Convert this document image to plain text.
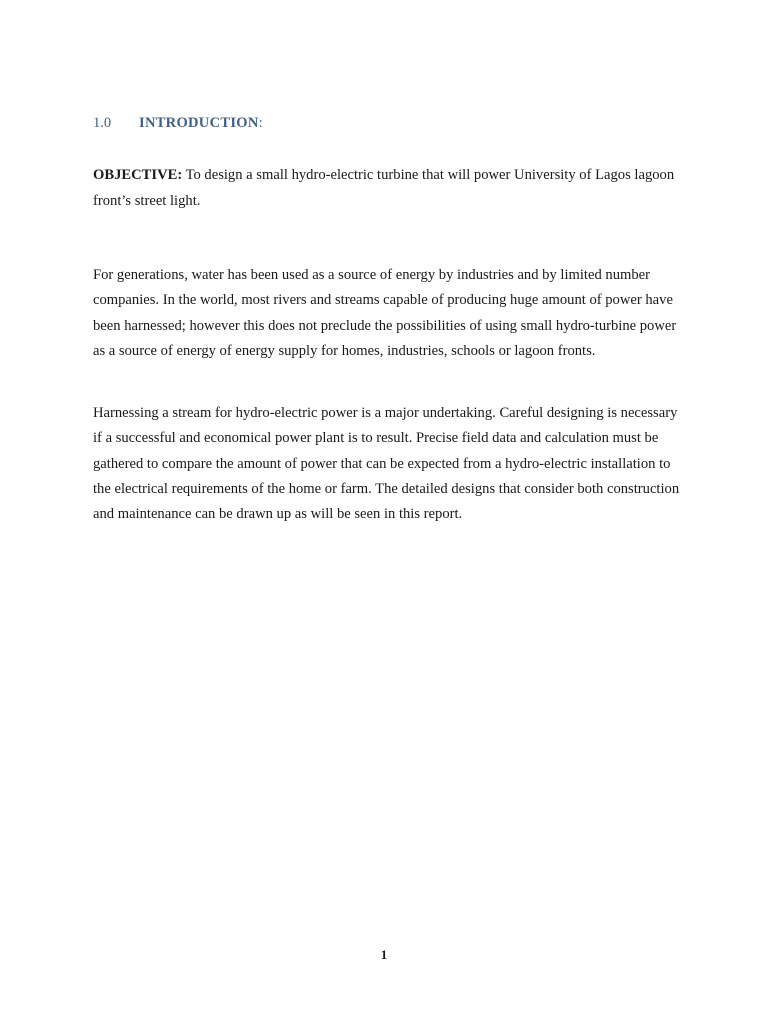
1.0 INTRODUCTION:
OBJECTIVE: To design a small hydro-electric turbine that will power University of Lagos lagoon front’s street light.

For generations, water has been used as a source of energy by industries and by limited number companies. In the world, most rivers and streams capable of producing huge amount of power have been harnessed; however this does not preclude the possibilities of using small hydro-turbine power as a source of energy of energy supply for homes, industries, schools or lagoon fronts.

Harnessing a stream for hydro-electric power is a major undertaking. Careful designing is necessary if a successful and economical power plant is to result. Precise field data and calculation must be gathered to compare the amount of power that can be expected from a hydro-electric installation to the electrical requirements of the home or farm. The detailed designs that consider both construction and maintenance can be drawn up as will be seen in this report.

1
